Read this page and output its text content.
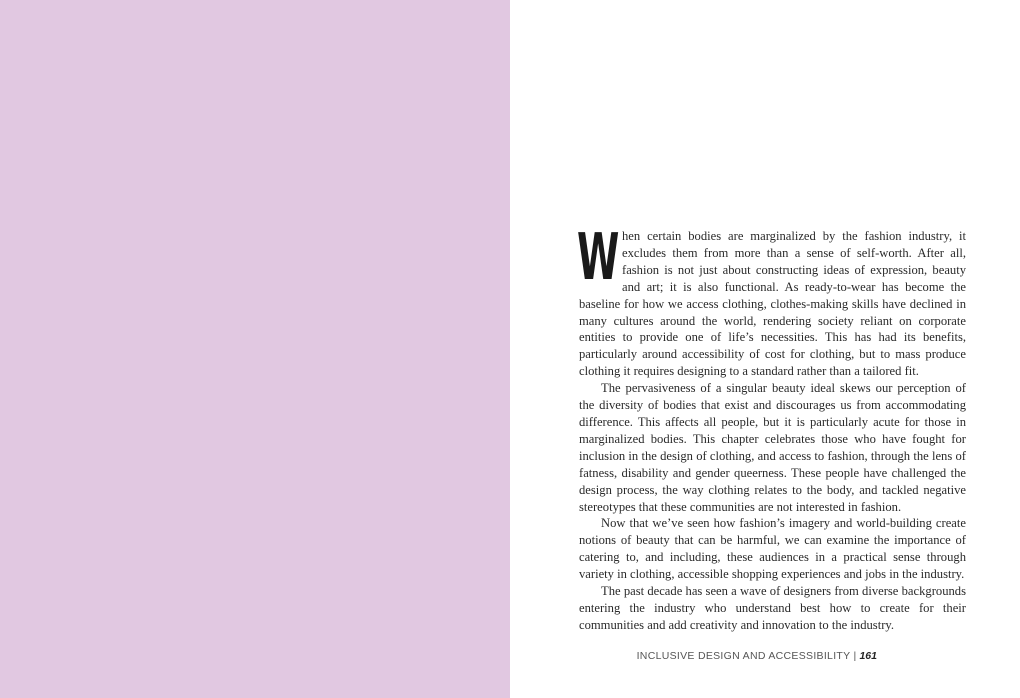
When certain bodies are marginalized by the fashion industry, it excludes them from more than a sense of self-worth. After all, fashion is not just about constructing ideas of expression, beauty and art; it is also functional. As ready-to-wear has become the baseline for how we access clothing, clothes-making skills have declined in many cultures around the world, rendering society reliant on corporate entities to provide one of life’s necessities. This has had its benefits, particularly around accessibility of cost for clothing, but to mass produce clothing it requires designing to a standard rather than a tailored fit.

The pervasiveness of a singular beauty ideal skews our perception of the diversity of bodies that exist and discourages us from accommodating difference. This affects all people, but it is particularly acute for those in marginalized bodies. This chapter celebrates those who have fought for inclusion in the design of clothing, and access to fashion, through the lens of fatness, disability and gender queerness. These people have challenged the design process, the way clothing relates to the body, and tackled negative stereotypes that these communities are not interested in fashion.

Now that we’ve seen how fashion’s imagery and world-building create notions of beauty that can be harmful, we can examine the importance of catering to, and including, these audiences in a practical sense through variety in clothing, accessible shopping experiences and jobs in the industry.

The past decade has seen a wave of designers from diverse backgrounds entering the industry who understand best how to create for their communities and add creativity and innovation to the industry.

INCLUSIVE DESIGN AND ACCESSIBILITY | 161
